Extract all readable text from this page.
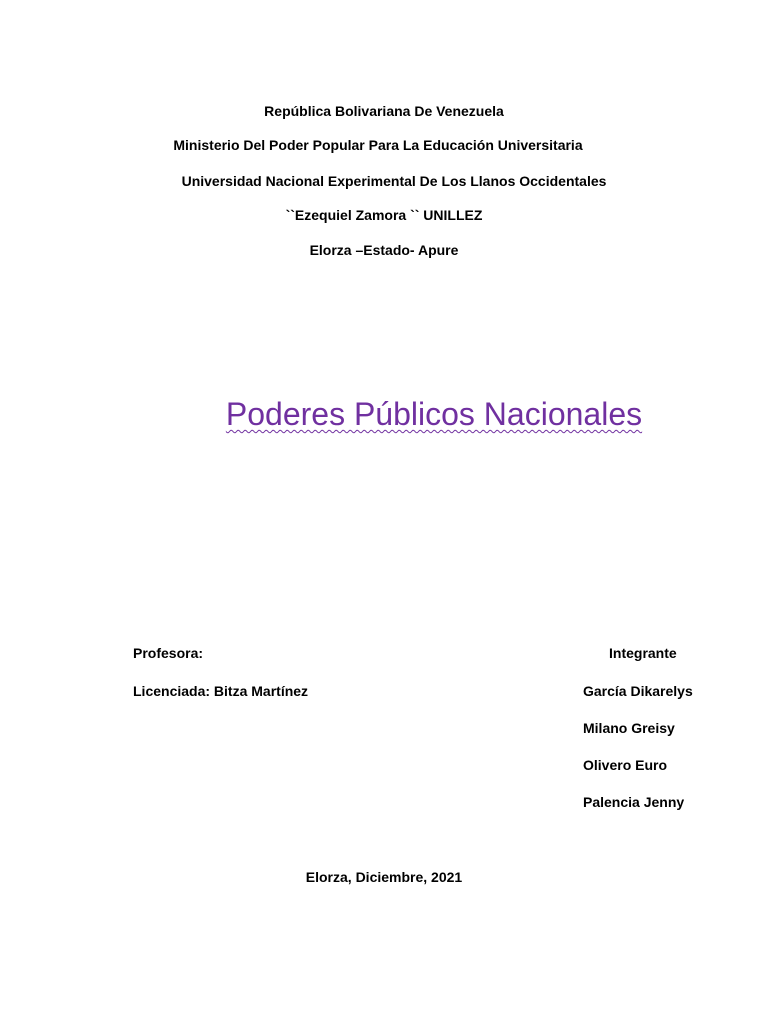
República Bolivariana De Venezuela
Ministerio Del Poder Popular Para La Educación Universitaria
Universidad Nacional Experimental De Los Llanos Occidentales
``Ezequiel Zamora `` UNILLEZ
Elorza –Estado- Apure
Poderes Públicos Nacionales
Profesora:
Licenciada: Bitza Martínez
Integrante
García Dikarelys
Milano Greisy
Olivero Euro
Palencia Jenny
Elorza, Diciembre, 2021
